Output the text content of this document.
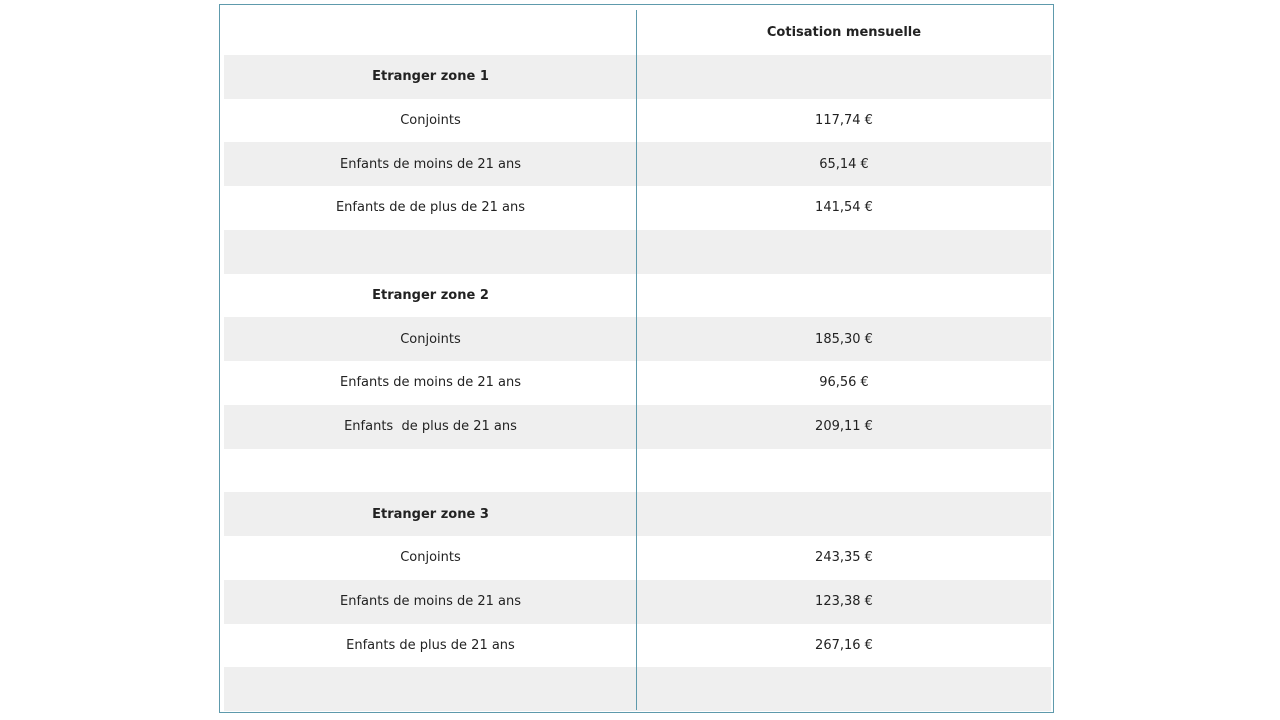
Cotisation mensuelle
Etranger zone 1
Conjoints	117,74 €
Enfants de moins de 21 ans	65,14 €
Enfants de de plus de 21 ans	141,54 €
Etranger zone 2
Conjoints	185,30 €
Enfants de moins de 21 ans	96,56 €
Enfants  de plus de 21 ans	209,11 €
Etranger zone 3
Conjoints	243,35 €
Enfants de moins de 21 ans	123,38 €
Enfants de plus de 21 ans	267,16 €
